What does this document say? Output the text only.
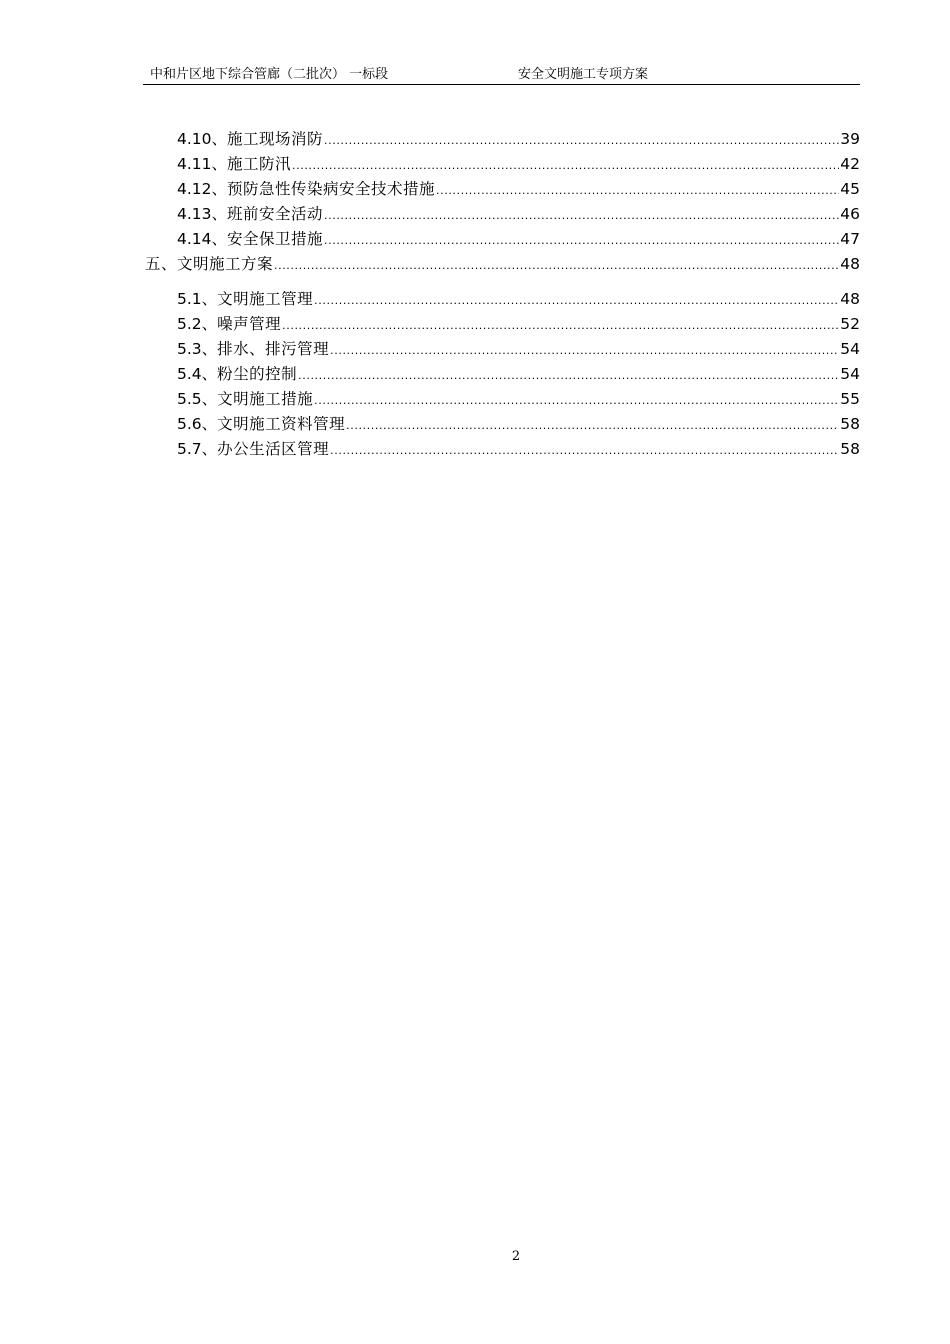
中和片区地下综合管廊（二批次） 一标段	安全文明施工专项方案
4.10、 施工现场消防 .....	39
4.11、 施工防汛 .....	42
4.12、 预防急性传染病安全技术措施 .....	45
4.13、 班前安全活动 .....	46
4.14、 安全保卫措施 .....	47
五、文明施工方案 .....	48
5.1、 文明施工管理 .....	48
5.2、 噪声管理 .....	52
5.3、 排水、排污管理 .....	54
5.4、 粉尘的控制 .....	54
5.5、 文明施工措施 .....	55
5.6、 文明施工资料管理 .....	58
5.7、 办公生活区管理 .....	58
2
